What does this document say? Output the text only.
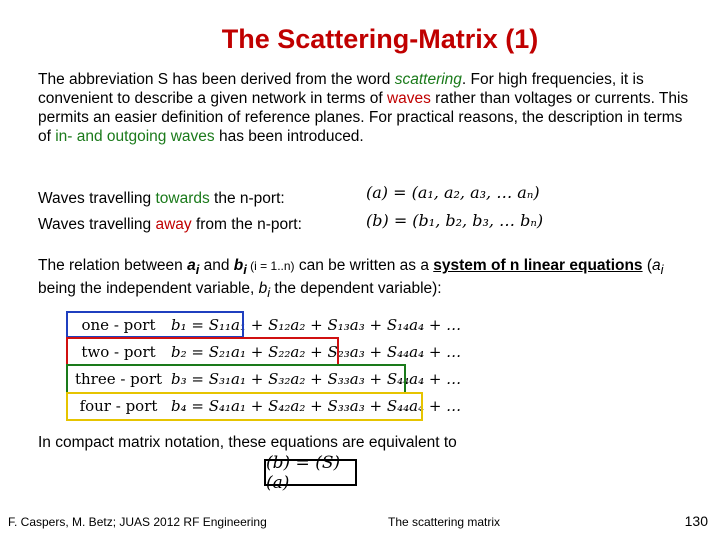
The Scattering-Matrix (1)
The abbreviation S has been derived from the word scattering. For high frequencies, it is convenient to describe a given network in terms of waves rather than voltages or currents. This permits an easier definition of reference planes. For practical reasons, the description in terms of in- and outgoing waves has been introduced.
Waves travelling towards the n-port:
Waves travelling away from the n-port:
(a) = (a₁, a₂, a₃, … aₙ)
(b) = (b₁, b₂, b₃, … bₙ)
The relation between $a_i$ and $b_i$ (i = 1..n) can be written as a system of n linear equations ($a_i$ being the independent variable, $b_i$ the dependent variable):
one - port	b₁ = S₁₁a₁ + S₁₂a₂ + S₁₃a₃ + S₁₄a₄ + …
two - port	b₂ = S₂₁a₁ + S₂₂a₂ + S₂₃a₃ + S₄₄a₄ + …
three - port b₃ = S₃₁a₁ + S₃₂a₂ + S₃₃a₃ + S₄₄a₄ + …
four - port b₄ = S₄₁a₁ + S₄₂a₂ + S₃₃a₃ + S₄₄a₄ + …
In compact matrix notation, these equations are equivalent to
(b) = (S)(a)
F. Caspers, M. Betz; JUAS 2012 RF Engineering	The scattering matrix	130
